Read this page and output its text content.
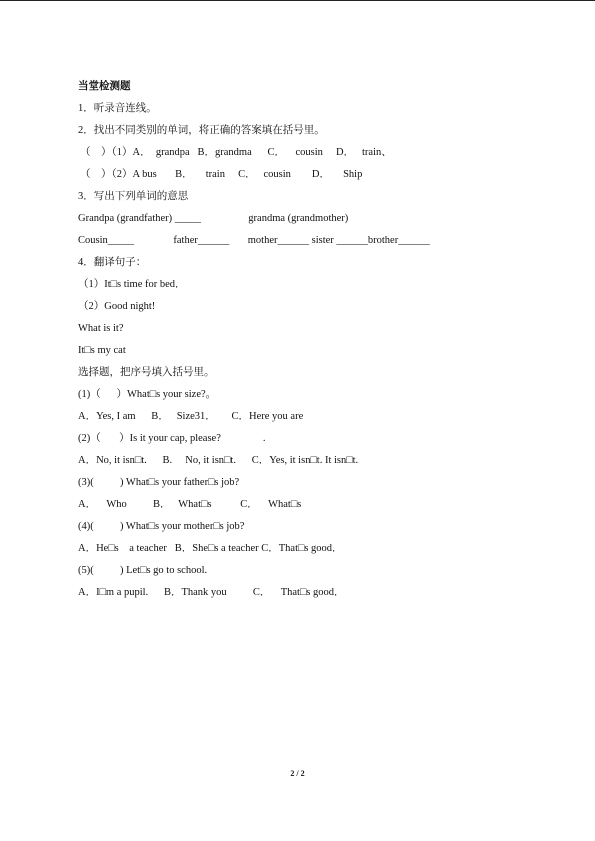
当堂检测题
1．听录音连线。
2．找出不同类别的单词，将正确的答案填在括号里。
（    ）（1）A．  grandpa   B．grandma      C．    cousin     D．   train、
（    ）（2）A bus       B．     train     C．   cousin        D．     Ship
3．写出下列单词的意思
Grandpa (grandfather) _____                  grandma (grandmother)
Cousin_____               father______       mother______ sister ______brother______
4．翻译句子：
（1）It□s time for bed．
（2）Good night!
What is it?
It□s my cat
选择题，把序号填入括号里。
(1)（      ）What□s your size?。
A．Yes, I am      B．   Size31．      C．Here you are
(2)（       ）Is it your cap, please?                .
A．No, it isn□t.      B.     No, it isn□t.      C．Yes, it isn□t. It isn□t.
(3)(          ) What□s your father□s job?
A．    Who          B．   What□s           C．    What□s
(4)(          ) What□s your mother□s job?
A．He□s    a teacher   B．She□s a teacher C．That□s good．
(5)(          ) Let□s go to school.
A．I□m a pupil.      B．Thank you          C．    That□s good．
2 / 2
